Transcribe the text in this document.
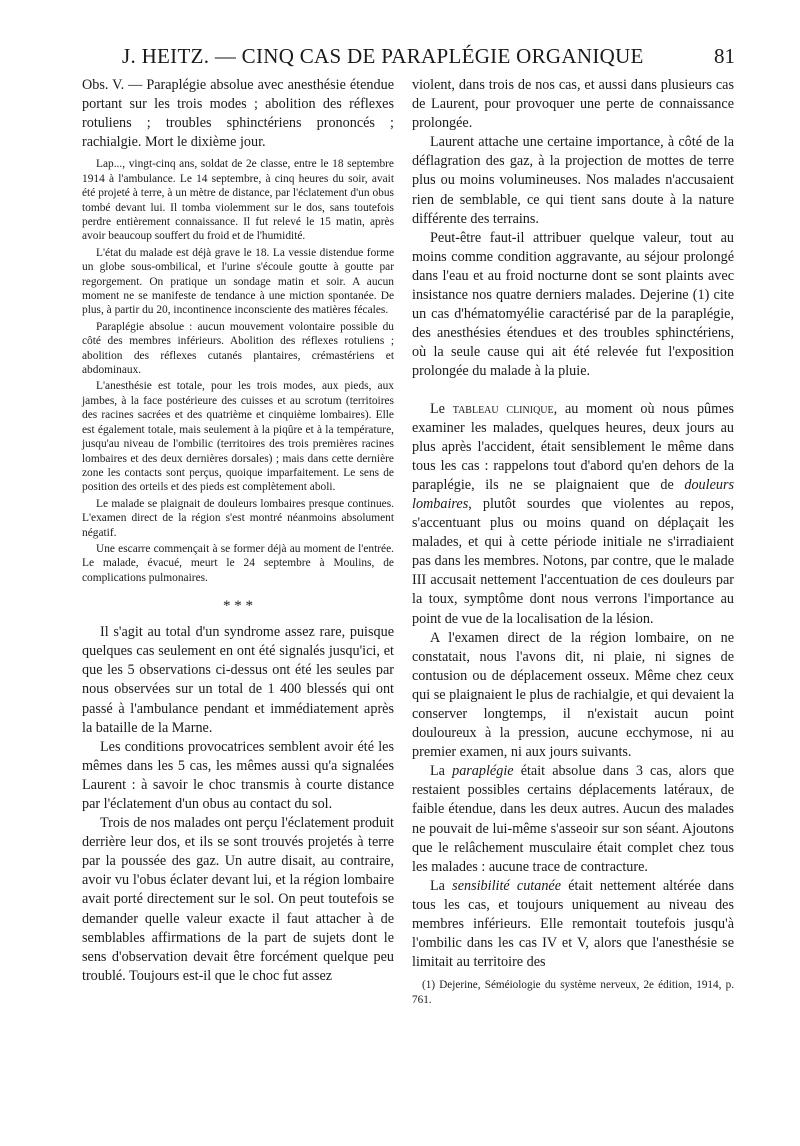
J. HEITZ. — CINQ CAS DE PARAPLÉGIE ORGANIQUE	81

Obs. V. — Paraplégie absolue avec anesthésie étendue portant sur les trois modes ; abolition des réflexes rotuliens ; troubles sphinctériens prononcés ; rachialgie. Mort le dixième jour.

Lap..., vingt-cinq ans, soldat de 2e classe, entre le 18 septembre 1914 à l'ambulance. Le 14 septembre, à cinq heures du soir, avait été projeté à terre, à un mètre de distance, par l'éclatement d'un obus tombé devant lui. Il tomba violemment sur le dos, sans toutefois perdre entièrement connaissance. Il fut relevé le 15 matin, après avoir beaucoup souffert du froid et de l'humidité.

L'état du malade est déjà grave le 18. La vessie distendue forme un globe sous-ombilical, et l'urine s'écoule goutte à goutte par regorgement. On pratique un sondage matin et soir. A aucun moment ne se manifeste de tendance à une miction spontanée. De plus, à partir du 20, incontinence inconsciente des matières fécales.

Paraplégie absolue : aucun mouvement volontaire possible du côté des membres inférieurs. Abolition des réflexes rotuliens ; abolition des réflexes cutanés plantaires, crémastériens et abdominaux.

L'anesthésie est totale, pour les trois modes, aux pieds, aux jambes, à la face postérieure des cuisses et au scrotum (territoires des racines sacrées et des quatrième et cinquième lombaires). Elle est également totale, mais seulement à la piqûre et à la température, jusqu'au niveau de l'ombilic (territoires des trois premières racines lombaires et des deux dernières dorsales) ; mais dans cette dernière zone les contacts sont perçus, quoique imparfaitement. Le sens de position des orteils et des pieds est complètement aboli.

Le malade se plaignait de douleurs lombaires presque continues. L'examen direct de la région s'est montré néanmoins absolument négatif.

Une escarre commençait à se former déjà au moment de l'entrée. Le malade, évacué, meurt le 24 septembre à Moulins, de complications pulmonaires.

* * *

Il s'agit au total d'un syndrome assez rare, puisque quelques cas seulement en ont été signalés jusqu'ici, et que les 5 observations ci-dessus ont été les seules par nous observées sur un total de 1 400 blessés qui ont passé à l'ambulance pendant et immédiatement après la bataille de la Marne.

Les conditions provocatrices semblent avoir été les mêmes dans les 5 cas, les mêmes aussi qu'a signalées Laurent : à savoir le choc transmis à courte distance par l'éclatement d'un obus au contact du sol.

Trois de nos malades ont perçu l'éclatement produit derrière leur dos, et ils se sont trouvés projetés à terre par la poussée des gaz. Un autre disait, au contraire, avoir vu l'obus éclater devant lui, et la région lombaire avait porté directement sur le sol. On peut toutefois se demander quelle valeur exacte il faut attacher à de semblables affirmations de la part de sujets dont le sens d'observation devait être forcément quelque peu troublé. Toujours est-il que le choc fut assez

violent, dans trois de nos cas, et aussi dans plusieurs cas de Laurent, pour provoquer une perte de connaissance prolongée.

Laurent attache une certaine importance, à côté de la déflagration des gaz, à la projection de mottes de terre plus ou moins volumineuses. Nos malades n'accusaient rien de semblable, ce qui tient sans doute à la nature différente des terrains.

Peut-être faut-il attribuer quelque valeur, tout au moins comme condition aggravante, au séjour prolongé dans l'eau et au froid nocturne dont se sont plaints avec insistance nos quatre derniers malades. Dejerine (1) cite un cas d'hématomyélie caractérisé par de la paraplégie, des anesthésies étendues et des troubles sphinctériens, où la seule cause qui ait été relevée fut l'exposition prolongée du malade à la pluie.

Le tableau clinique, au moment où nous pûmes examiner les malades, quelques heures, deux jours au plus après l'accident, était sensiblement le même dans tous les cas : rappelons tout d'abord qu'en dehors de la paraplégie, ils ne se plaignaient que de douleurs lombaires, plutôt sourdes que violentes au repos, s'accentuant plus ou moins quand on déplaçait les malades, et qui à cette période initiale ne s'irradiaient pas dans les membres. Notons, par contre, que le malade III accusait nettement l'accentuation de ces douleurs par la toux, symptôme dont nous verrons l'importance au point de vue de la localisation de la lésion.

A l'examen direct de la région lombaire, on ne constatait, nous l'avons dit, ni plaie, ni signes de contusion ou de déplacement osseux. Même chez ceux qui se plaignaient le plus de rachialgie, et qui devaient la conserver longtemps, il n'existait aucun point douloureux à la pression, aucune ecchymose, ni au premier examen, ni aux jours suivants.

La paraplégie était absolue dans 3 cas, alors que restaient possibles certains déplacements latéraux, de faible étendue, dans les deux autres. Aucun des malades ne pouvait de lui-même s'asseoir sur son séant. Ajoutons que le relâchement musculaire était complet chez tous les malades : aucune trace de contracture.

La sensibilité cutanée était nettement altérée dans tous les cas, et toujours uniquement au niveau des membres inférieurs. Elle remontait toutefois jusqu'à l'ombilic dans les cas IV et V, alors que l'anesthésie se limitait au territoire des

(1) Dejerine, Séméiologie du système nerveux, 2e édition, 1914, p. 761.
